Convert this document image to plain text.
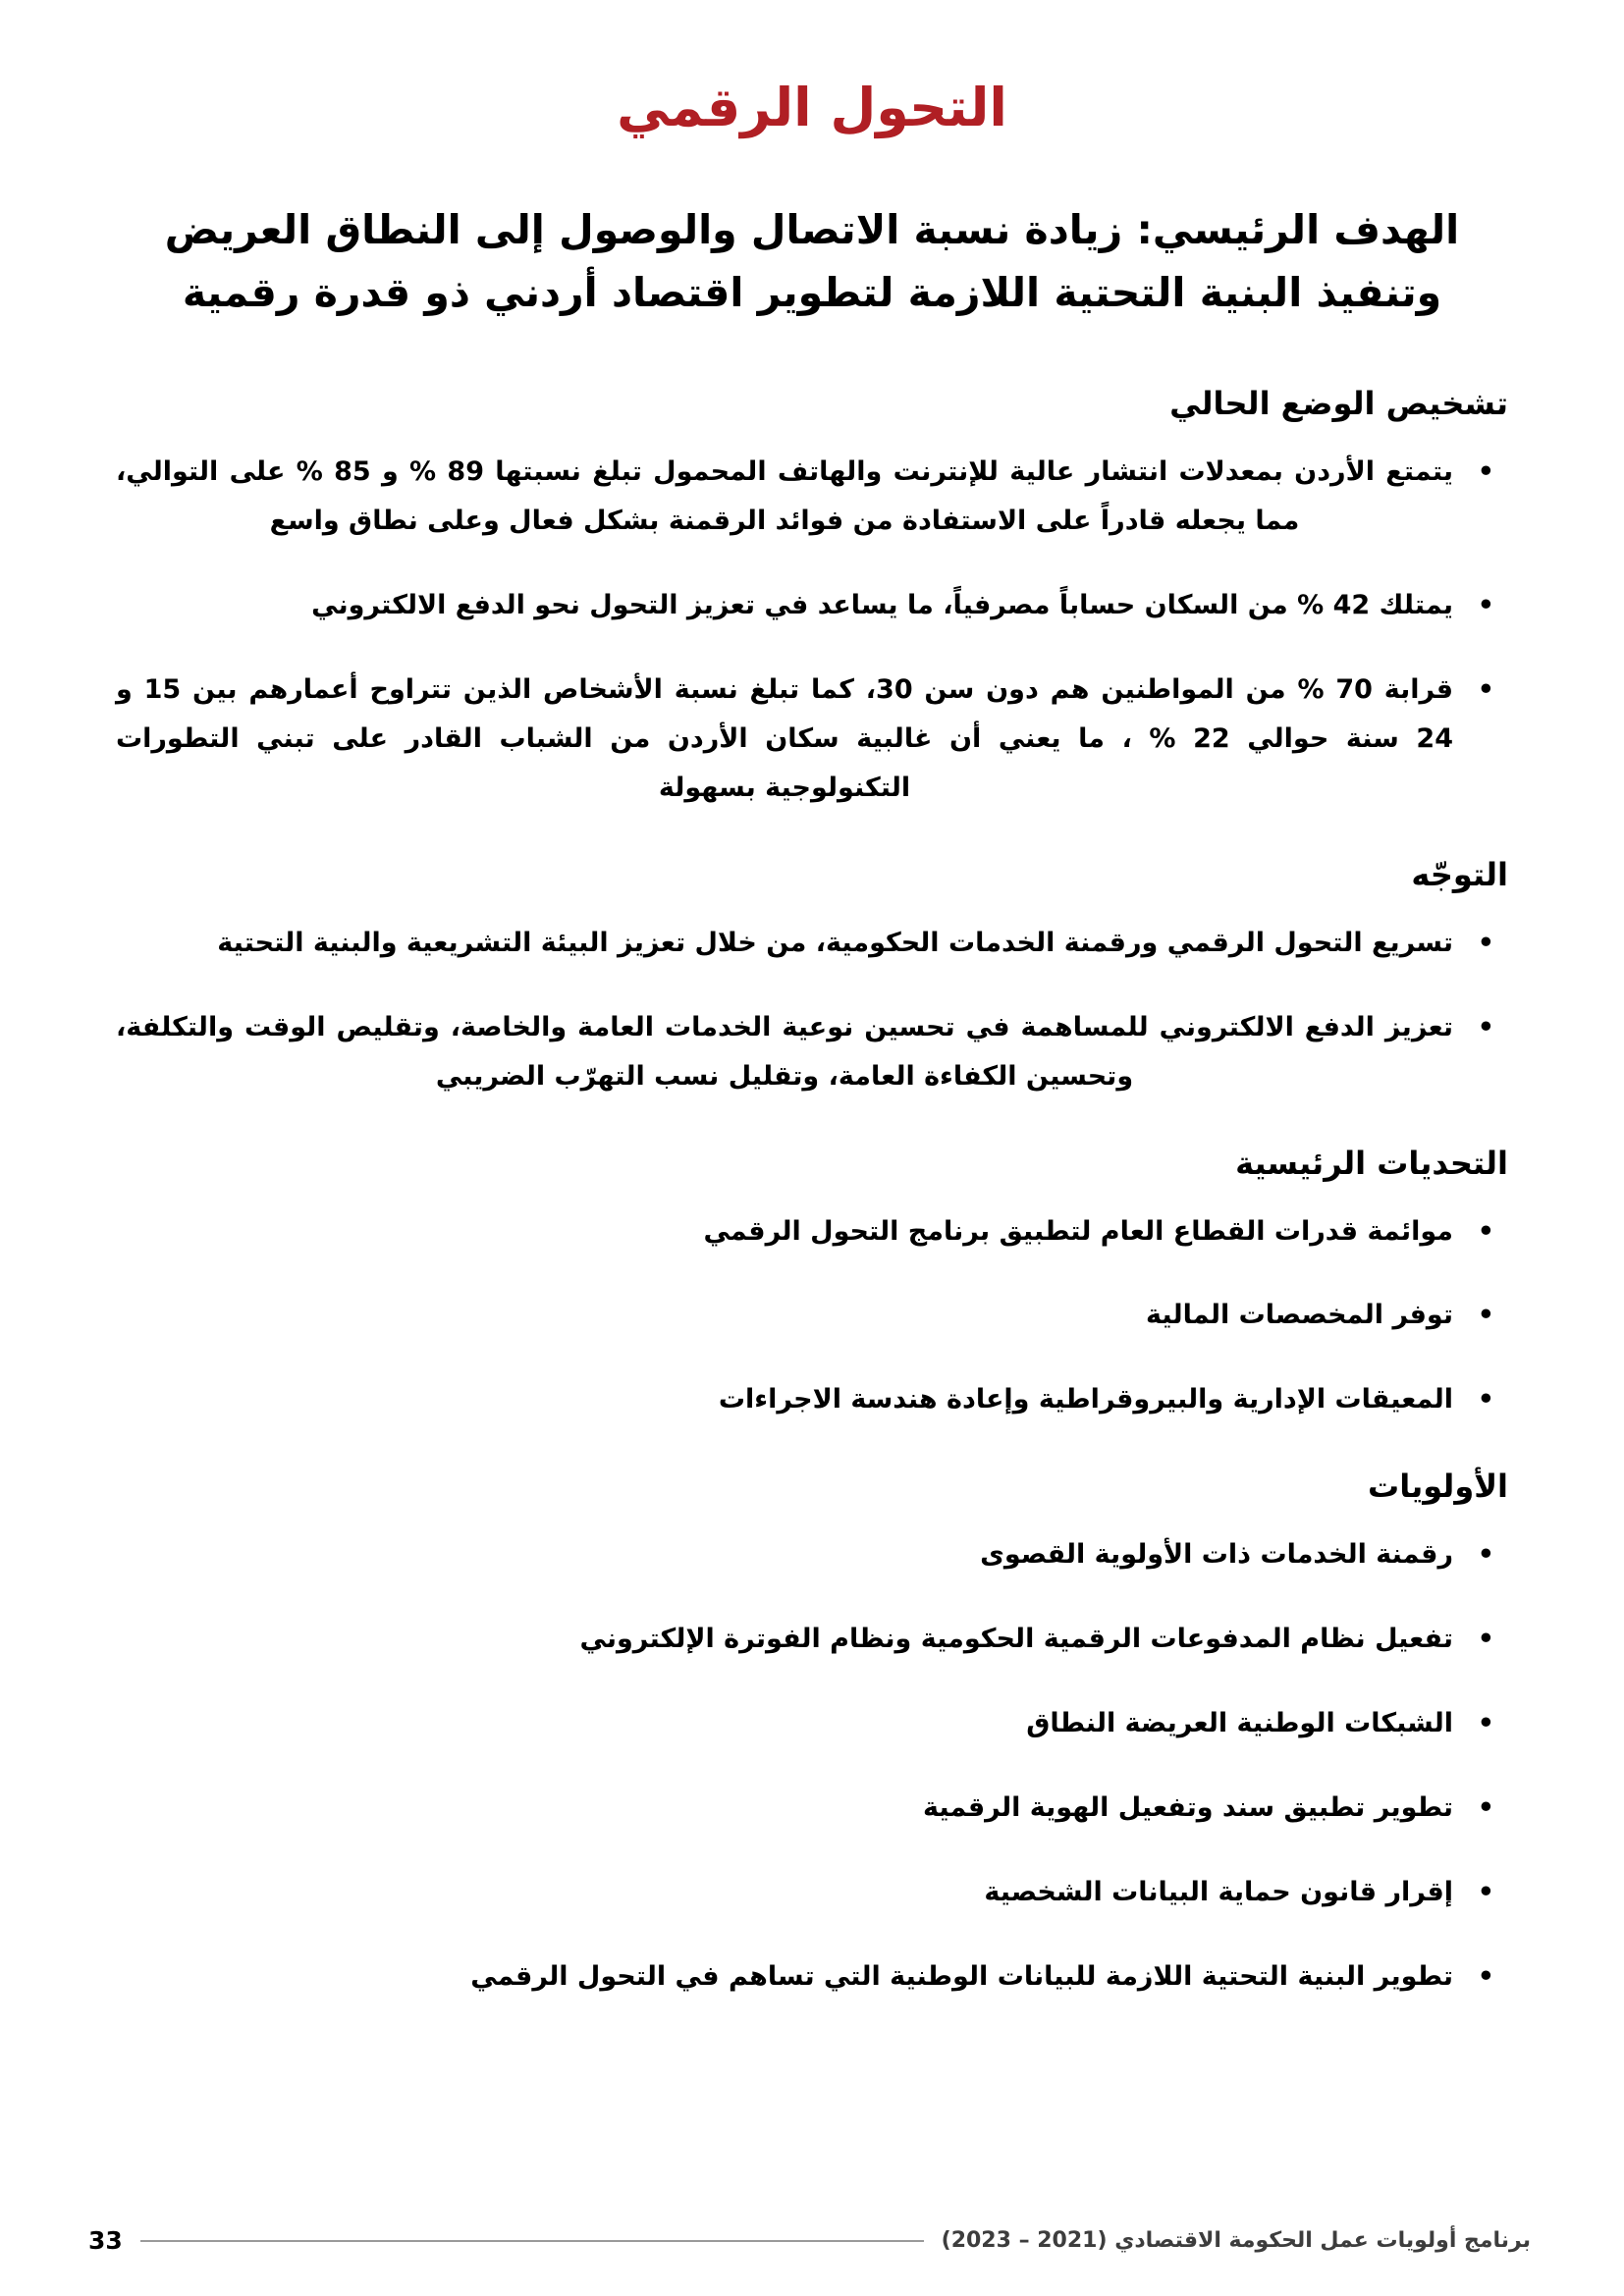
التحول الرقمي
الهدف الرئيسي: زيادة نسبة الاتصال والوصول إلى النطاق العريض وتنفيذ البنية التحتية اللازمة لتطوير اقتصاد أردني ذو قدرة رقمية
تشخيص الوضع الحالي
• يتمتع الأردن بمعدلات انتشار عالية للإنترنت والهاتف المحمول تبلغ نسبتها 89 % و 85 % على التوالي، مما يجعله قادراً على الاستفادة من فوائد الرقمنة بشكل فعال وعلى نطاق واسع
• يمتلك 42 % من السكان حساباً مصرفياً، ما يساعد في تعزيز التحول نحو الدفع الالكتروني
• قرابة 70 % من المواطنين هم دون سن 30، كما تبلغ نسبة الأشخاص الذين تتراوح أعمارهم بين 15 و 24 سنة حوالي 22 % ، ما يعني أن غالبية سكان الأردن من الشباب القادر على تبني التطورات التكنولوجية بسهولة
التوجّه
• تسريع التحول الرقمي ورقمنة الخدمات الحكومية، من خلال تعزيز البيئة التشريعية والبنية التحتية
• تعزيز الدفع الالكتروني للمساهمة في تحسين نوعية الخدمات العامة والخاصة، وتقليص الوقت والتكلفة، وتحسين الكفاءة العامة، وتقليل نسب التهرّب الضريبي
التحديات الرئيسية
• موائمة قدرات القطاع العام لتطبيق برنامج التحول الرقمي
• توفر المخصصات المالية
• المعيقات الإدارية والبيروقراطية وإعادة هندسة الاجراءات
الأولويات
• رقمنة الخدمات ذات الأولوية القصوى
• تفعيل نظام المدفوعات الرقمية الحكومية ونظام الفوترة الإلكتروني
• الشبكات الوطنية العريضة النطاق
• تطوير تطبيق سند وتفعيل الهوية الرقمية
• إقرار قانون حماية البيانات الشخصية
• تطوير البنية التحتية اللازمة للبيانات الوطنية التي تساهم في التحول الرقمي
33	برنامج أولويات عمل الحكومة الاقتصادي (2021 – 2023)
